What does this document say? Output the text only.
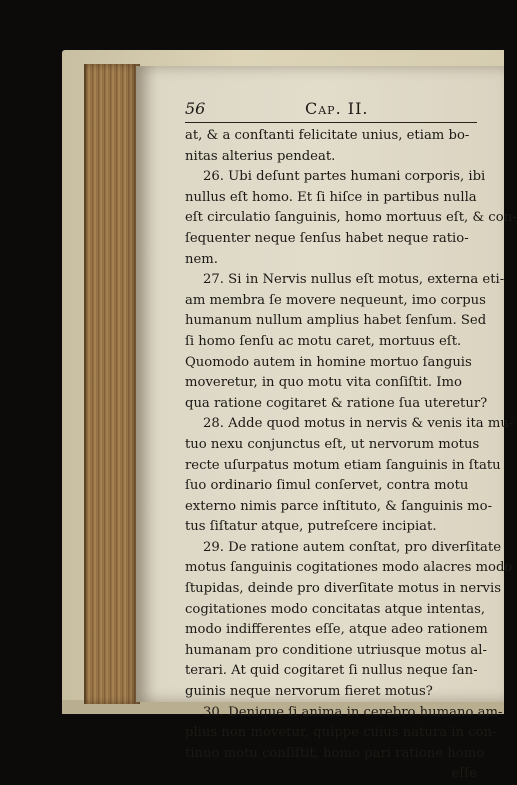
56	Cap. II.
at, & a conſtanti felicitate unius, etiam bo-
nitas alterius pendeat.
26. Ubi deſunt partes humani corporis, ibi
nullus eſt homo. Et ſi hiſce in partibus nulla
eſt circulatio ſanguinis, homo mortuus eſt, & con-
ſequenter neque ſenſus habet neque ratio-
nem.
27. Si in Nervis nullus eſt motus, externa eti-
am membra ſe movere nequeunt, imo corpus
humanum nullum amplius habet ſenſum. Sed
ſi homo ſenſu ac motu caret, mortuus eſt.
Quomodo autem in homine mortuo ſanguis
moveretur, in quo motu vita conſiſtit. Imo
qua ratione cogitaret & ratione ſua uteretur?
28. Adde quod motus in nervis & venis ita mu-
tuo nexu conjunctus eſt, ut nervorum motus
recte uſurpatus motum etiam ſanguinis in ſtatu
ſuo ordinario ſimul conſervet, contra motu
externo nimis parce inſtituto, & ſanguinis mo-
tus ſiſtatur atque, putreſcere incipiat.
29. De ratione autem conſtat, pro diverſitate
motus ſanguinis cogitationes modo alacres modo
ſtupidas, deinde pro diverſitate motus in nervis
cogitationes modo concitatas atque intentas,
modo indifferentes eſſe, atque adeo rationem
humanam pro conditione utriusque motus al-
terari. At quid cogitaret ſi nullus neque ſan-
guinis neque nervorum fieret motus?
30. Denique ſi anima in cerebro humano am-
plius non movetur, quippe cuius natura in con-
tinuo motu conſiſtit, homo pari ratione homo
eſſe
